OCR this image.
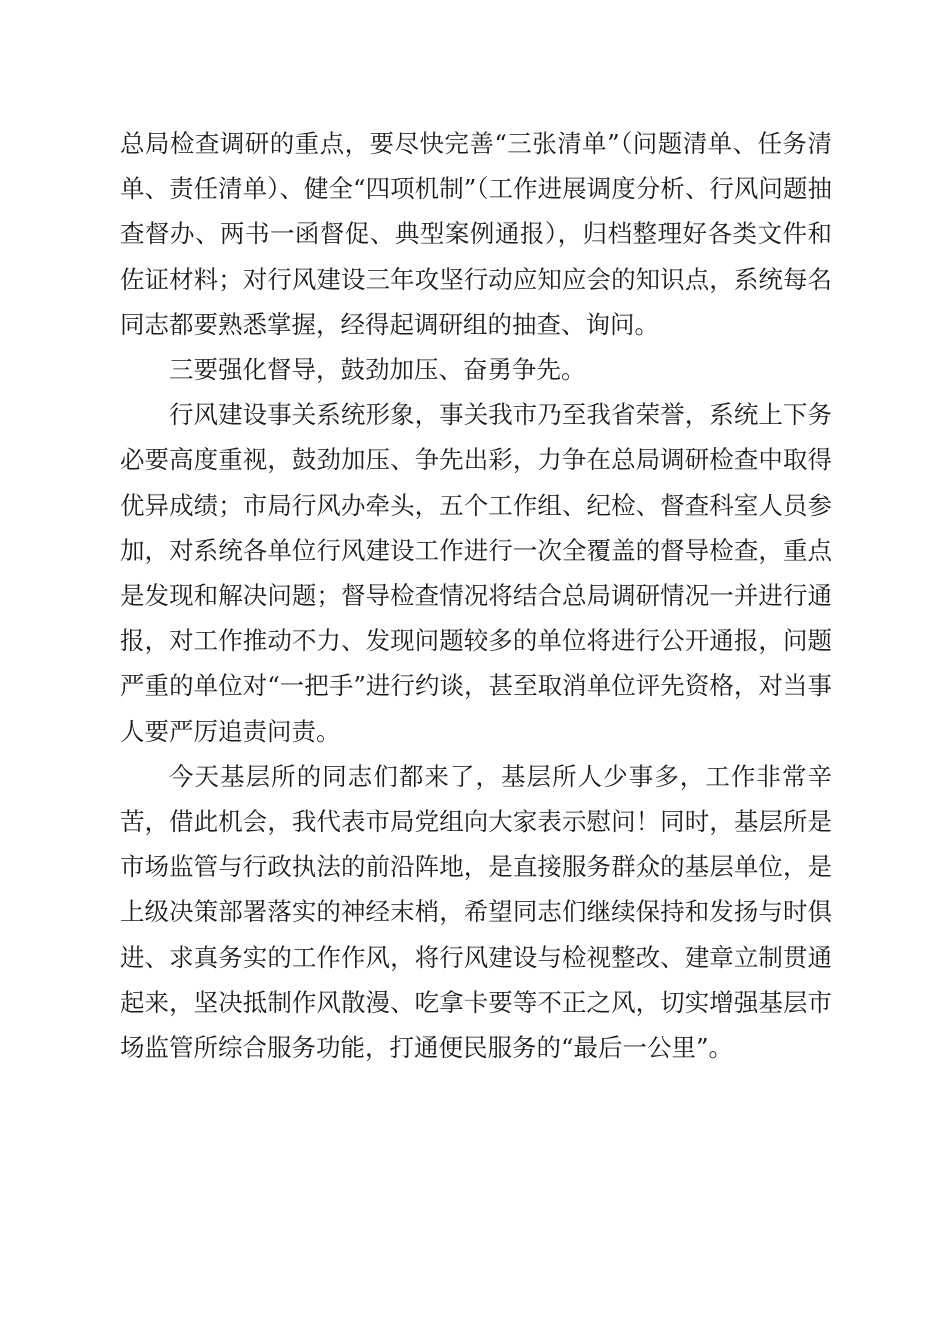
总局检查调研的重点，要尽快完善“三张清单”（问题清单、任务清单、责任清单）、健全“四项机制”（工作进展调度分析、行风问题抽查督办、两书一函督促、典型案例通报），归档整理好各类文件和佐证材料；对行风建设三年攻坚行动应知应会的知识点，系统每名同志都要熟悉掌握，经得起调研组的抽查、询问。

三要强化督导，鼓劲加压、奋勇争先。

行风建设事关系统形象，事关我市乃至我省荣誉，系统上下务必要高度重视，鼓劲加压、争先出彩，力争在总局调研检查中取得优异成绩；市局行风办牵头，五个工作组、纪检、督查科室人员参加，对系统各单位行风建设工作进行一次全覆盖的督导检查，重点是发现和解决问题；督导检查情况将结合总局调研情况一并进行通报，对工作推动不力、发现问题较多的单位将进行公开通报，问题严重的单位对“一把手”进行约谈，甚至取消单位评先资格，对当事人要严厉追责问责。

今天基层所的同志们都来了，基层所人少事多，工作非常辛苦，借此机会，我代表市局党组向大家表示慰问！同时，基层所是市场监管与行政执法的前沿阵地，是直接服务群众的基层单位，是上级决策部署落实的神经末梢，希望同志们继续保持和发扬与时俱进、求真务实的工作作风，将行风建设与检视整改、建章立制贯通起来，坚决抵制作风散漫、吃拿卡要等不正之风，切实增强基层市场监管所综合服务功能，打通便民服务的“最后一公里”。
